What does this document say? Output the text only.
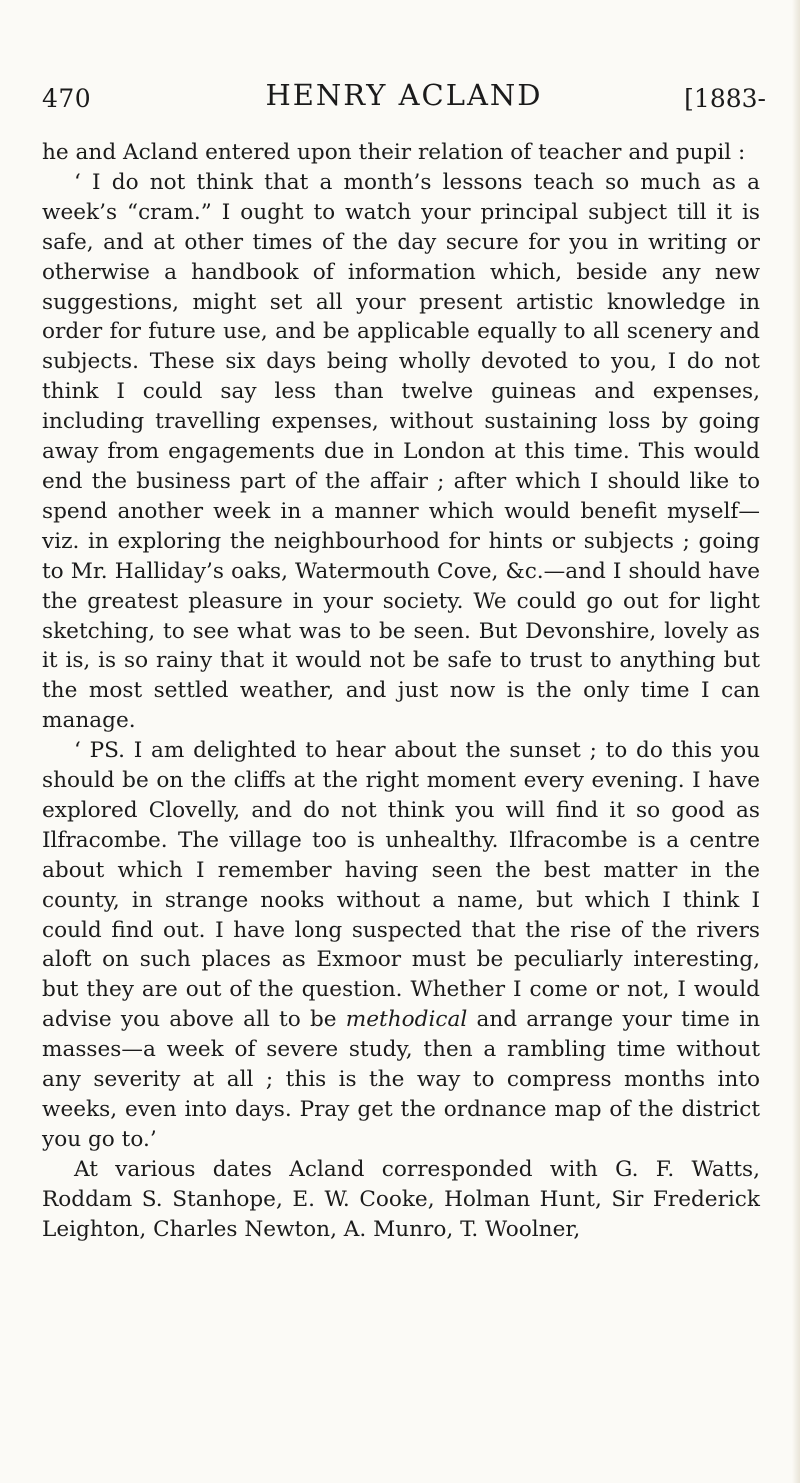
470	HENRY ACLAND	[1883-

he and Acland entered upon their relation of teacher and pupil :

‘ I do not think that a month’s lessons teach so much as a week’s “cram.” I ought to watch your principal subject till it is safe, and at other times of the day secure for you in writing or otherwise a handbook of information which, beside any new suggestions, might set all your present artistic knowledge in order for future use, and be applicable equally to all scenery and subjects. These six days being wholly devoted to you, I do not think I could say less than twelve guineas and expenses, including travelling expenses, without sustaining loss by going away from engagements due in London at this time. This would end the business part of the affair ; after which I should like to spend another week in a manner which would benefit myself—viz. in exploring the neighbourhood for hints or subjects ; going to Mr. Halliday’s oaks, Watermouth Cove, &c.—and I should have the greatest pleasure in your society. We could go out for light sketching, to see what was to be seen. But Devonshire, lovely as it is, is so rainy that it would not be safe to trust to anything but the most settled weather, and just now is the only time I can manage.

‘ PS. I am delighted to hear about the sunset ; to do this you should be on the cliffs at the right moment every evening. I have explored Clovelly, and do not think you will find it so good as Ilfracombe. The village too is unhealthy. Ilfracombe is a centre about which I remember having seen the best matter in the county, in strange nooks without a name, but which I think I could find out. I have long suspected that the rise of the rivers aloft on such places as Exmoor must be peculiarly interesting, but they are out of the question. Whether I come or not, I would advise you above all to be methodical and arrange your time in masses—a week of severe study, then a rambling time without any severity at all ; this is the way to compress months into weeks, even into days. Pray get the ordnance map of the district you go to.’

At various dates Acland corresponded with G. F. Watts, Roddam S. Stanhope, E. W. Cooke, Holman Hunt, Sir Frederick Leighton, Charles Newton, A. Munro, T. Woolner,
